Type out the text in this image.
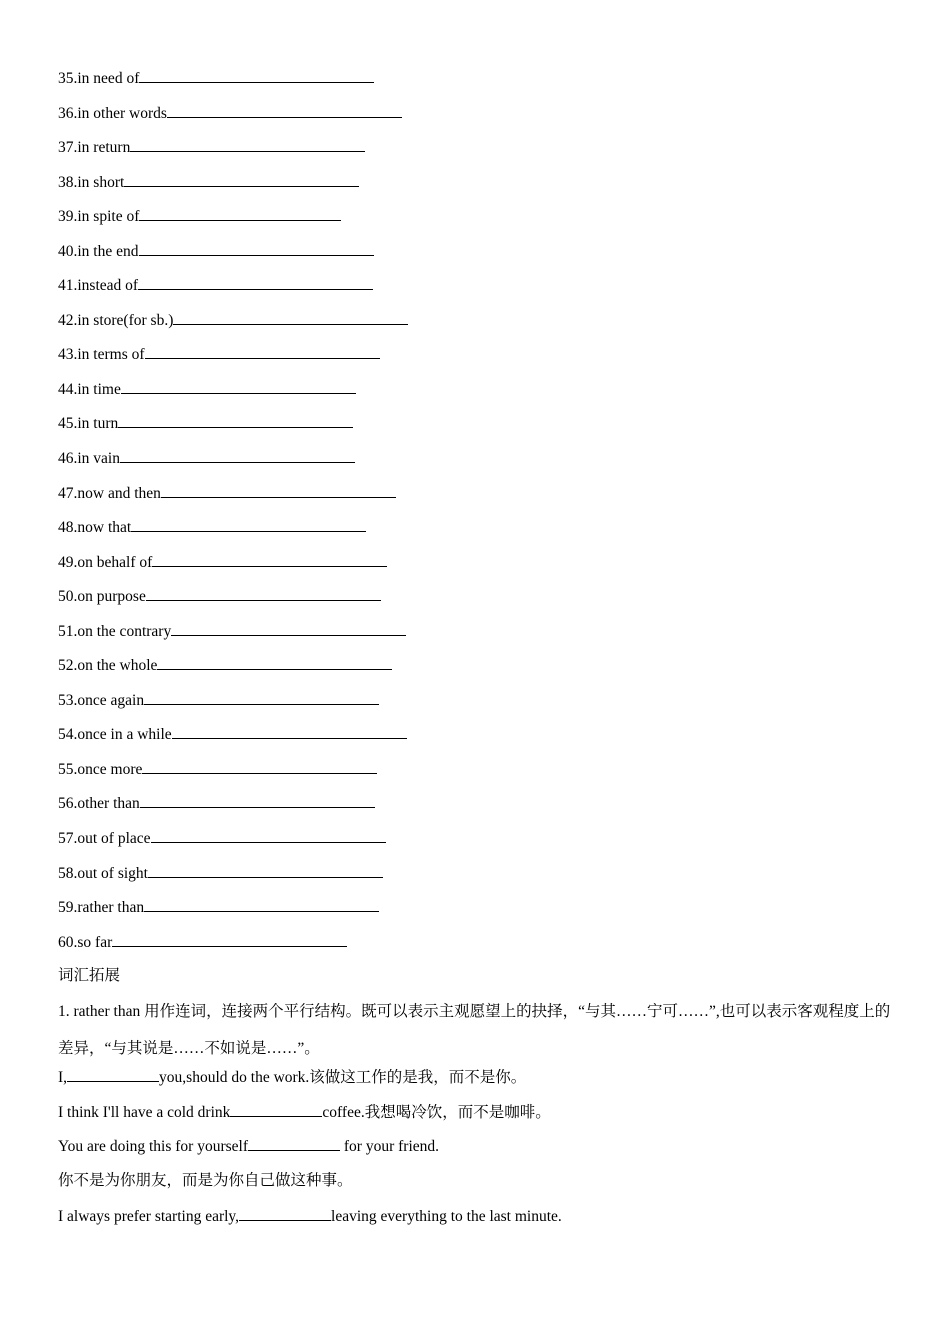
35.in need of
36.in other words
37.in return
38.in short
39.in spite of
40.in the end
41.instead of
42.in store(for sb.)
43.in terms of
44.in time
45.in turn
46.in vain
47.now and then
48.now that
49.on behalf of
50.on purpose
51.on the contrary
52.on the whole
53.once again
54.once in a while
55.once more
56.other than
57.out of place
58.out of sight
59.rather than
60.so far
词汇拓展

1. rather than 用作连词，连接两个平行结构。既可以表示主观愿望上的抉择，“与其……宁可……”,也可以表示客观程度上的差异，“与其说是……不如说是……”。

I,	you,should do the work.该做这工作的是我，而不是你。
I think I'll have a cold drink	coffee.我想喝冷饮，而不是咖啡。
You are doing this for yourself	for your friend.
你不是为你朋友，而是为你自己做这种事。
I always prefer starting early,	leaving everything to the last minute.
